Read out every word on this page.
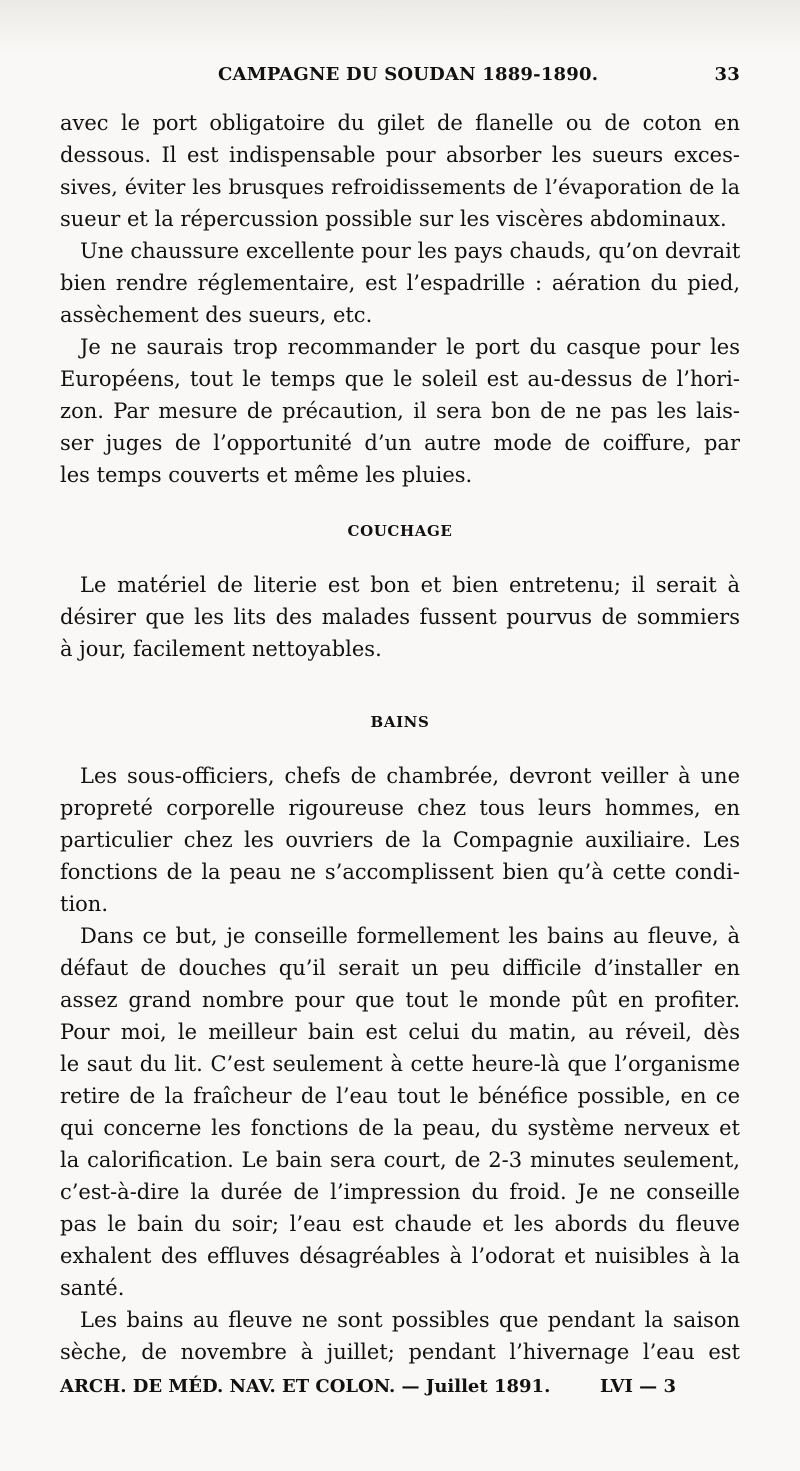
CAMPAGNE DU SOUDAN 1889-1890.	33
avec le port obligatoire du gilet de flanelle ou de coton en
dessous. Il est indispensable pour absorber les sueurs exces-
sives, éviter les brusques refroidissements de l’évaporation de la
sueur et la répercussion possible sur les viscères abdominaux.
Une chaussure excellente pour les pays chauds, qu’on devrait
bien rendre réglementaire, est l’espadrille : aération du pied,
assèchement des sueurs, etc.
Je ne saurais trop recommander le port du casque pour les
Européens, tout le temps que le soleil est au-dessus de l’hori-
zon. Par mesure de précaution, il sera bon de ne pas les lais-
ser juges de l’opportunité d’un autre mode de coiffure, par
les temps couverts et même les pluies.
COUCHAGE
Le matériel de literie est bon et bien entretenu; il serait à
désirer que les lits des malades fussent pourvus de sommiers
à jour, facilement nettoyables.
BAINS
Les sous-officiers, chefs de chambrée, devront veiller à une
propreté corporelle rigoureuse chez tous leurs hommes, en
particulier chez les ouvriers de la Compagnie auxiliaire. Les
fonctions de la peau ne s’accomplissent bien qu’à cette condi-
tion.
Dans ce but, je conseille formellement les bains au fleuve, à
défaut de douches qu’il serait un peu difficile d’installer en
assez grand nombre pour que tout le monde pût en profiter.
Pour moi, le meilleur bain est celui du matin, au réveil, dès
le saut du lit. C’est seulement à cette heure-là que l’organisme
retire de la fraîcheur de l’eau tout le bénéfice possible, en ce
qui concerne les fonctions de la peau, du système nerveux et
la calorification. Le bain sera court, de 2-3 minutes seulement,
c’est-à-dire la durée de l’impression du froid. Je ne conseille
pas le bain du soir; l’eau est chaude et les abords du fleuve
exhalent des effluves désagréables à l’odorat et nuisibles à la
santé.
Les bains au fleuve ne sont possibles que pendant la saison
sèche, de novembre à juillet; pendant l’hivernage l’eau est
ARCH. DE MÉD. NAV. ET COLON. — Juillet 1891.	LVI — 3
